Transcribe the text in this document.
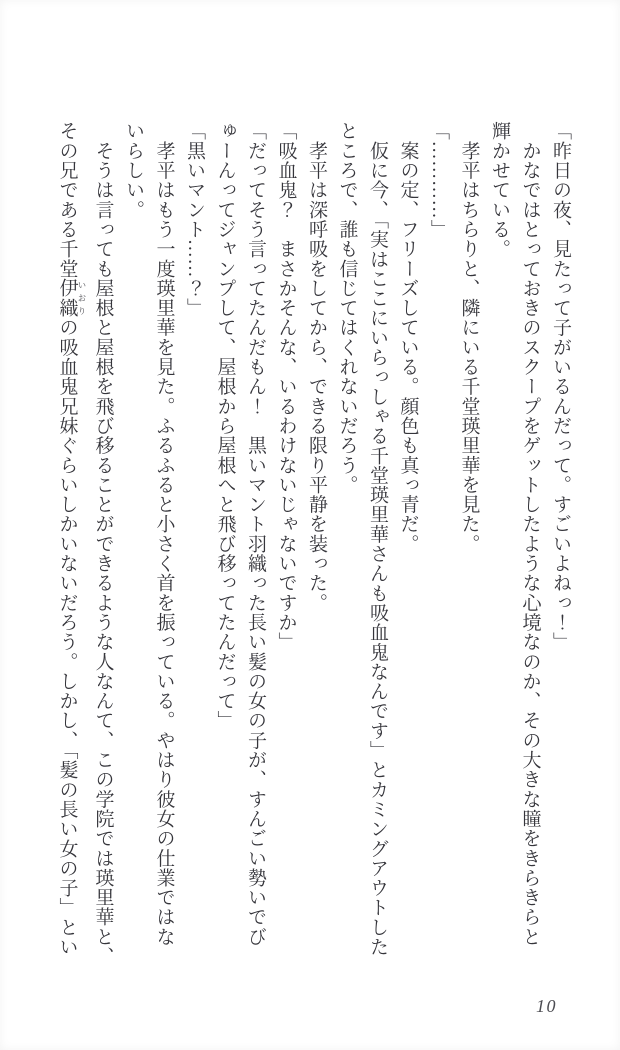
「昨日の夜、見たって子がいるんだって。すごいよねっ！」
　かなではとっておきのスクープをゲットしたような心境なのか、その大きな瞳をきらきらと
輝かせている。
　孝平はちらりと、隣にいる千堂瑛里華を見た。
「…………」
　案の定、フリーズしている。顔色も真っ青だ。
　仮に今、「実はここにいらっしゃる千堂瑛里華さんも吸血鬼なんです」とカミングアウトした
ところで、誰も信じてはくれないだろう。
　孝平は深呼吸をしてから、できる限り平静を装った。
「吸血鬼？　まさかそんな、いるわけないじゃないですか」
「だってそう言ってたんだもん！　黒いマント羽織った長い髪の女の子が、すんごい勢いでび
ゅーんってジャンプして、屋根から屋根へと飛び移ってたんだって」
「黒いマント……？」
　孝平はもう一度瑛里華を見た。ふるふると小さく首を振っている。やはり彼女の仕業ではな
いらしい。
　そうは言っても屋根と屋根を飛び移ることができるような人なんて、この学院では瑛里華と、
その兄である千堂伊織 いおりの吸血鬼兄妹ぐらいしかいないだろう。しかし、「髪の長い女の子」とい
10
